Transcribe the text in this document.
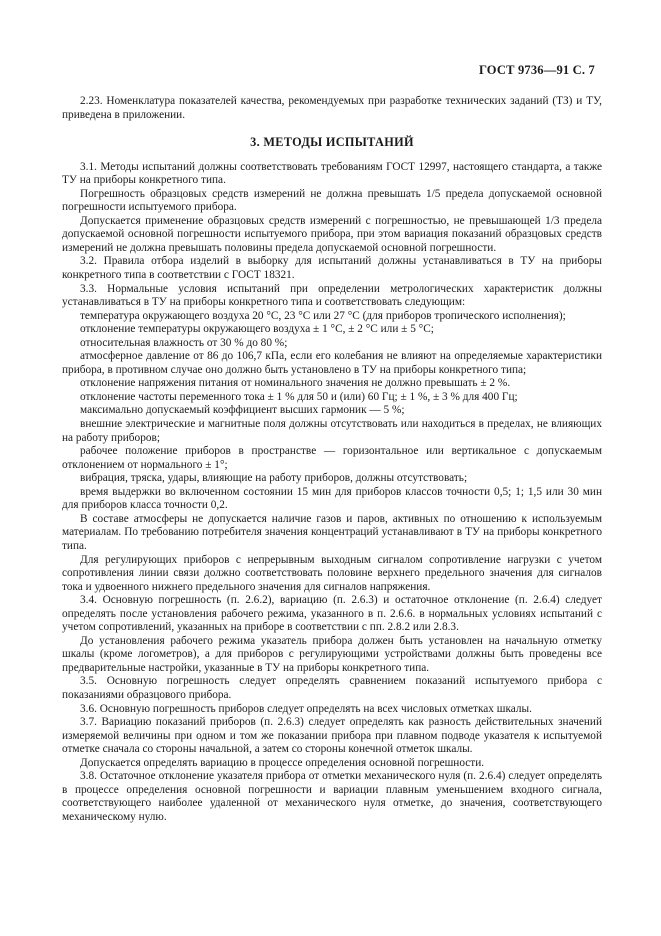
ГОСТ 9736—91 С. 7

2.23. Номенклатура показателей качества, рекомендуемых при разработке технических заданий (ТЗ) и ТУ, приведена в приложении.

3. МЕТОДЫ ИСПЫТАНИЙ

3.1. Методы испытаний должны соответствовать требованиям ГОСТ 12997, настоящего стандарта, а также ТУ на приборы конкретного типа.

Погрешность образцовых средств измерений не должна превышать 1/5 предела допускаемой основной погрешности испытуемого прибора.

Допускается применение образцовых средств измерений с погрешностью, не превышающей 1/3 предела допускаемой основной погрешности испытуемого прибора, при этом вариация показаний образцовых средств измерений не должна превышать половины предела допускаемой основной погрешности.

3.2. Правила отбора изделий в выборку для испытаний должны устанавливаться в ТУ на приборы конкретного типа в соответствии с ГОСТ 18321.

3.3. Нормальные условия испытаний при определении метрологических характеристик должны устанавливаться в ТУ на приборы конкретного типа и соответствовать следующим:

температура окружающего воздуха 20 °С, 23 °С или 27 °С (для приборов тропического исполнения);

отклонение температуры окружающего воздуха ± 1 °С, ± 2 °С или ± 5 °С;

относительная влажность от 30 % до 80 %;

атмосферное давление от 86 до 106,7 кПа, если его колебания не влияют на определяемые характеристики прибора, в противном случае оно должно быть установлено в ТУ на приборы конкретного типа;

отклонение напряжения питания от номинального значения не должно превышать ± 2 %.

отклонение частоты переменного тока ± 1 % для 50 и (или) 60 Гц; ± 1 %, ± 3 % для 400 Гц;

максимально допускаемый коэффициент высших гармоник — 5 %;

внешние электрические и магнитные поля должны отсутствовать или находиться в пределах, не влияющих на работу приборов;

рабочее положение приборов в пространстве — горизонтальное или вертикальное с допускаемым отклонением от нормального ± 1°;

вибрация, тряска, удары, влияющие на работу приборов, должны отсутствовать;

время выдержки во включенном состоянии 15 мин для приборов классов точности 0,5; 1; 1,5 или 30 мин для приборов класса точности 0,2.

В составе атмосферы не допускается наличие газов и паров, активных по отношению к используемым материалам. По требованию потребителя значения концентраций устанавливают в ТУ на приборы конкретного типа.

Для регулирующих приборов с непрерывным выходным сигналом сопротивление нагрузки с учетом сопротивления линии связи должно соответствовать половине верхнего предельного значения для сигналов тока и удвоенного нижнего предельного значения для сигналов напряжения.

3.4. Основную погрешность (п. 2.6.2), вариацию (п. 2.6.3) и остаточное отклонение (п. 2.6.4) следует определять после установления рабочего режима, указанного в п. 2.6.6. в нормальных условиях испытаний с учетом сопротивлений, указанных на приборе в соответствии с пп. 2.8.2 или 2.8.3.

До установления рабочего режима указатель прибора должен быть установлен на начальную отметку шкалы (кроме логометров), а для приборов с регулирующими устройствами должны быть проведены все предварительные настройки, указанные в ТУ на приборы конкретного типа.

3.5. Основную погрешность следует определять сравнением показаний испытуемого прибора с показаниями образцового прибора.

3.6. Основную погрешность приборов следует определять на всех числовых отметках шкалы.

3.7. Вариацию показаний приборов (п. 2.6.3) следует определять как разность действительных значений измеряемой величины при одном и том же показании прибора при плавном подводе указателя к испытуемой отметке сначала со стороны начальной, а затем со стороны конечной отметок шкалы.

Допускается определять вариацию в процессе определения основной погрешности.

3.8. Остаточное отклонение указателя прибора от отметки механического нуля (п. 2.6.4) следует определять в процессе определения основной погрешности и вариации плавным уменьшением входного сигнала, соответствующего наиболее удаленной от механического нуля отметке, до значения, соответствующего механическому нулю.
